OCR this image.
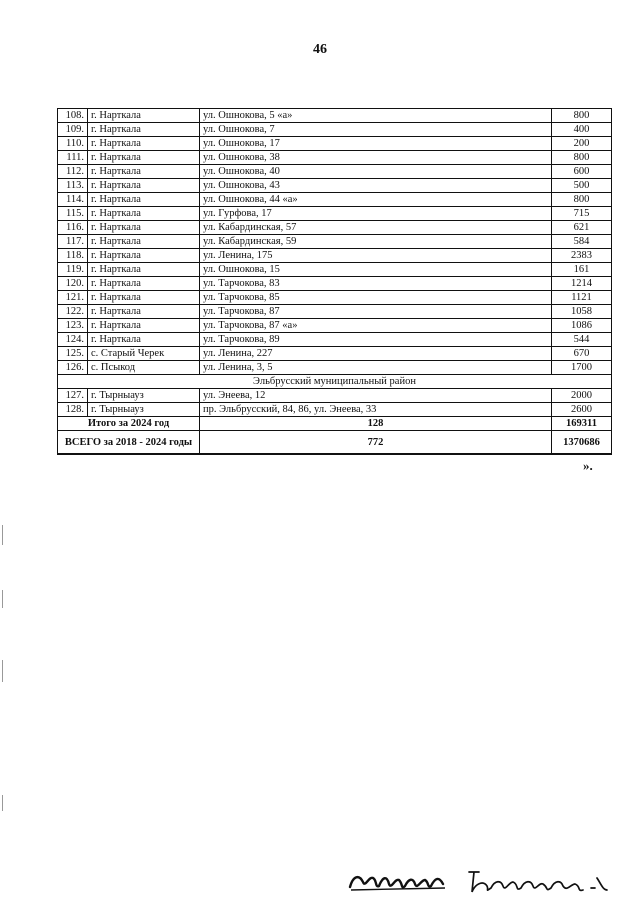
46
108.	г. Нарткала	ул. Ошнокова, 5 «а»	800
109.	г. Нарткала	ул. Ошнокова, 7	400
110.	г. Нарткала	ул. Ошнокова, 17	200
111.	г. Нарткала	ул. Ошнокова, 38	800
112.	г. Нарткала	ул. Ошнокова, 40	600
113.	г. Нарткала	ул. Ошнокова, 43	500
114.	г. Нарткала	ул. Ошнокова, 44 «а»	800
115.	г. Нарткала	ул. Гурфова, 17	715
116.	г. Нарткала	ул. Кабардинская, 57	621
117.	г. Нарткала	ул. Кабардинская, 59	584
118.	г. Нарткала	ул. Ленина, 175	2383
119.	г. Нарткала	ул. Ошнокова, 15	161
120.	г. Нарткала	ул. Тарчокова, 83	1214
121.	г. Нарткала	ул. Тарчокова, 85	1121
122.	г. Нарткала	ул. Тарчокова, 87	1058
123.	г. Нарткала	ул. Тарчокова, 87 «а»	1086
124.	г. Нарткала	ул. Тарчокова, 89	544
125.	с. Старый Черек	ул. Ленина, 227	670
126.	с. Псыкод	ул. Ленина, 3, 5	1700
Эльбрусский муниципальный район			
127.	г. Тырныауз	ул. Энеева, 12	2000
128.	г. Тырныауз	пр. Эльбрусский, 84, 86, ул. Энеева, 33	2600
Итого за 2024 год		128	169311
ВСЕГО за 2018 - 2024 годы		772	1370686
».
Терёхов А.К.
